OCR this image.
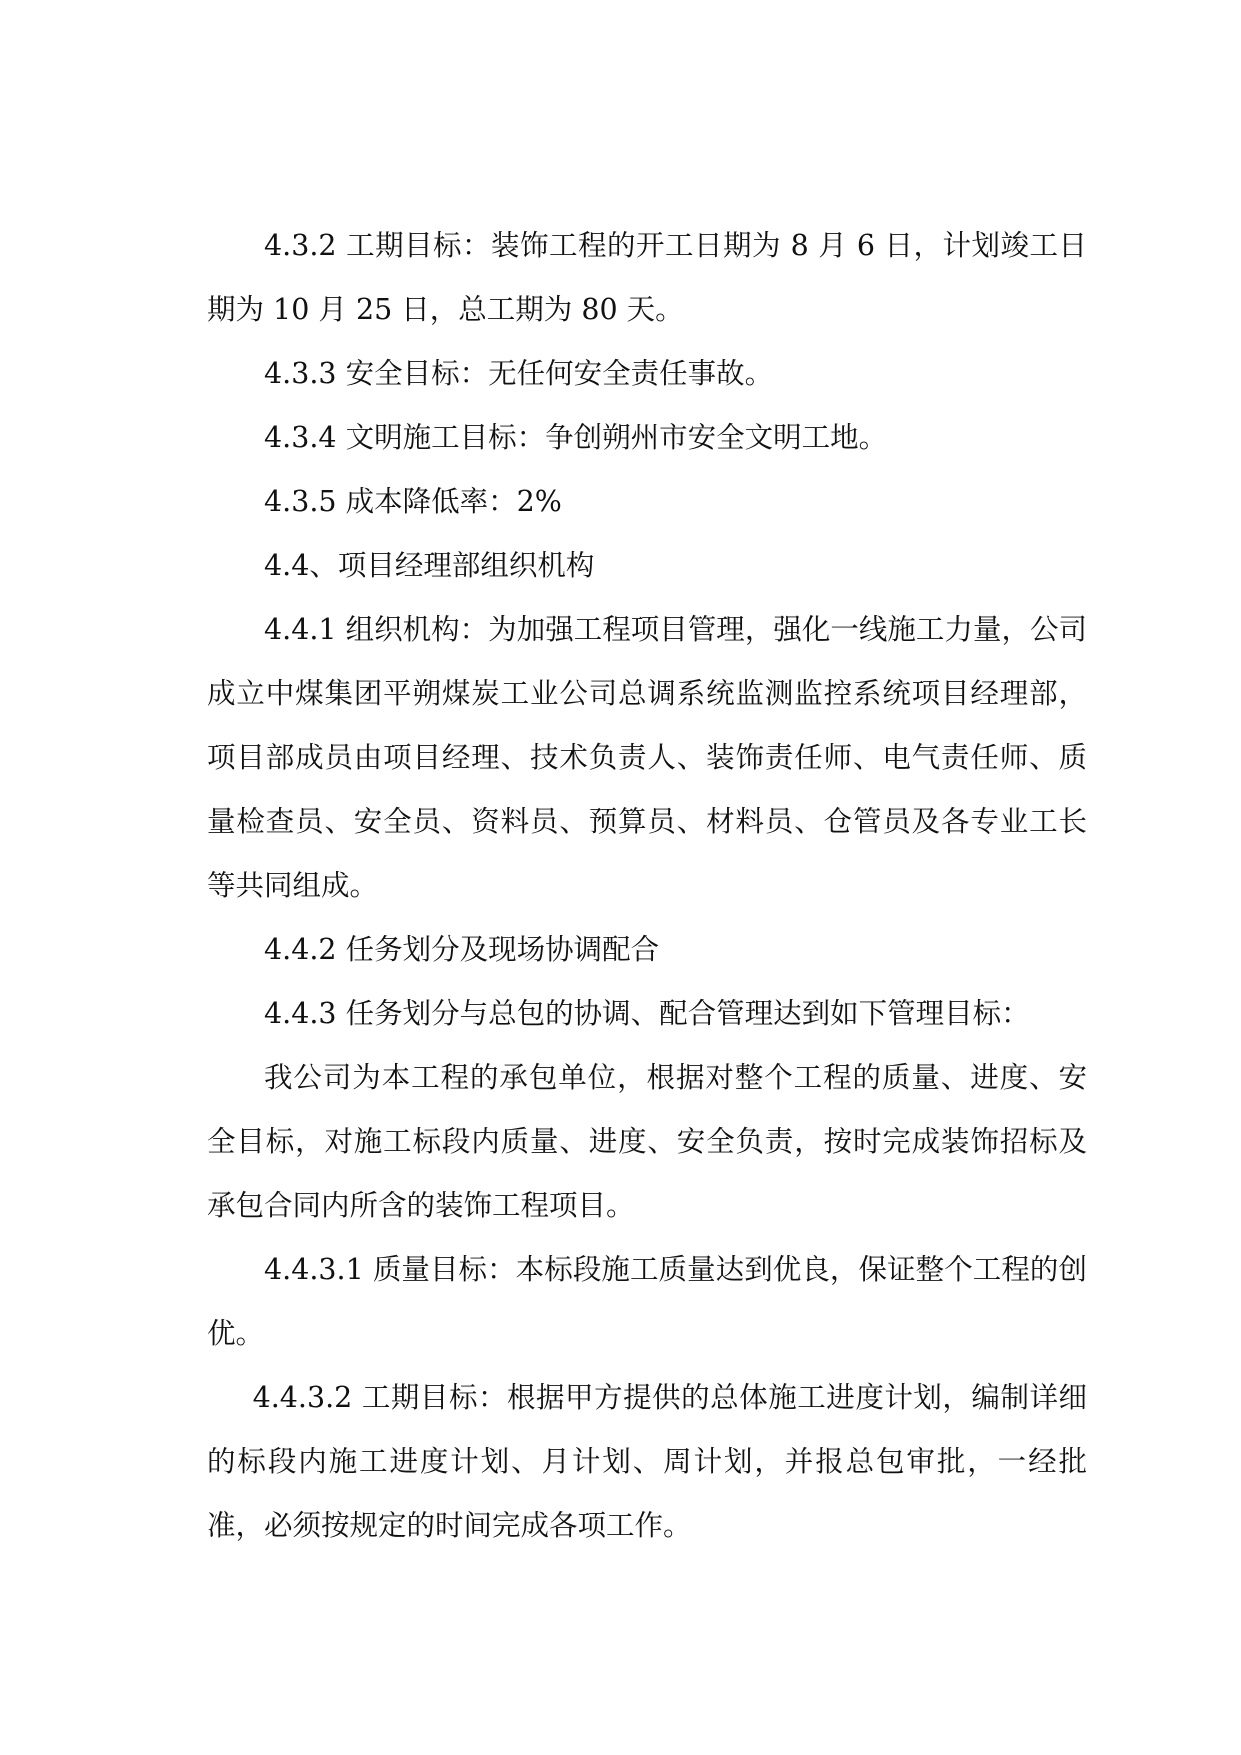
4.3.2 工期目标：装饰工程的开工日期为 8 月 6 日，计划竣工日期为 10 月 25 日，总工期为 80 天。

4.3.3 安全目标：无任何安全责任事故。

4.3.4 文明施工目标：争创朔州市安全文明工地。

4.3.5 成本降低率：2%

4.4、项目经理部组织机构

4.4.1 组织机构：为加强工程项目管理，强化一线施工力量，公司成立中煤集团平朔煤炭工业公司总调系统监测监控系统项目经理部，项目部成员由项目经理、技术负责人、装饰责任师、电气责任师、质量检查员、安全员、资料员、预算员、材料员、仓管员及各专业工长等共同组成。

4.4.2 任务划分及现场协调配合

4.4.3 任务划分与总包的协调、配合管理达到如下管理目标：

我公司为本工程的承包单位，根据对整个工程的质量、进度、安全目标，对施工标段内质量、进度、安全负责，按时完成装饰招标及承包合同内所含的装饰工程项目。

4.4.3.1 质量目标：本标段施工质量达到优良，保证整个工程的创优。

4.4.3.2 工期目标：根据甲方提供的总体施工进度计划，编制详细的标段内施工进度计划、月计划、周计划，并报总包审批，一经批准，必须按规定的时间完成各项工作。
